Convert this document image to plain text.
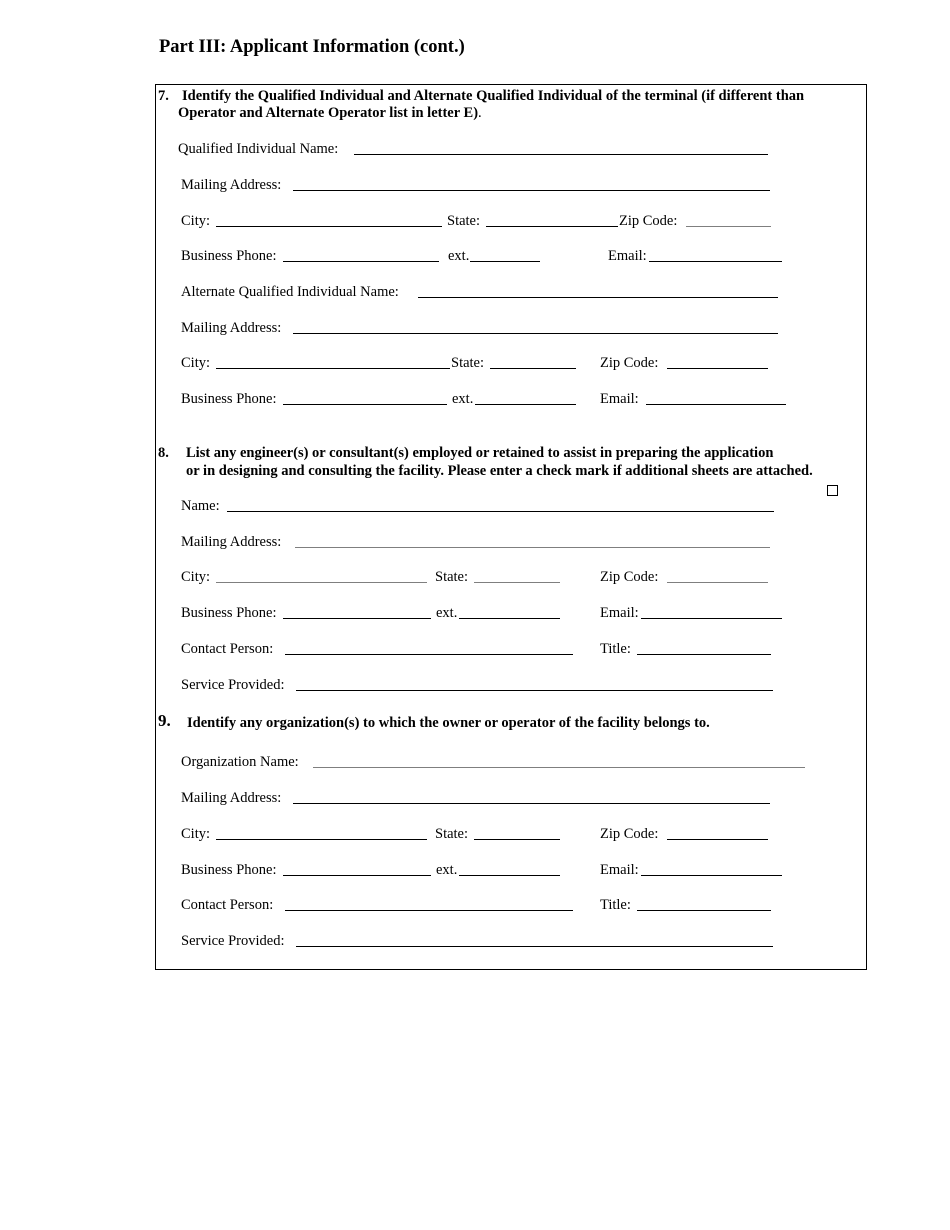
Part III: Applicant Information (cont.)
7. Identify the Qualified Individual and Alternate Qualified Individual of the terminal (if different than
Operator and Alternate Operator list in letter E).
Qualified Individual Name:
Mailing Address:
City:	State:	Zip Code:
Business Phone:	ext.	Email:
Alternate Qualified Individual Name:
Mailing Address:
City:	State:	Zip Code:
Business Phone:	ext.	Email:
8. List any engineer(s) or consultant(s) employed or retained to assist in preparing the application
or in designing and consulting the facility. Please enter a check mark if additional sheets are attached.
Name:
Mailing Address:
City:	State:	Zip Code:
Business Phone:	ext.	Email:
Contact Person:	Title:
Service Provided:
9. Identify any organization(s) to which the owner or operator of the facility belongs to.
Organization Name:
Mailing Address:
City:	State:	Zip Code:
Business Phone:	ext.	Email:
Contact Person:	Title:
Service Provided:
